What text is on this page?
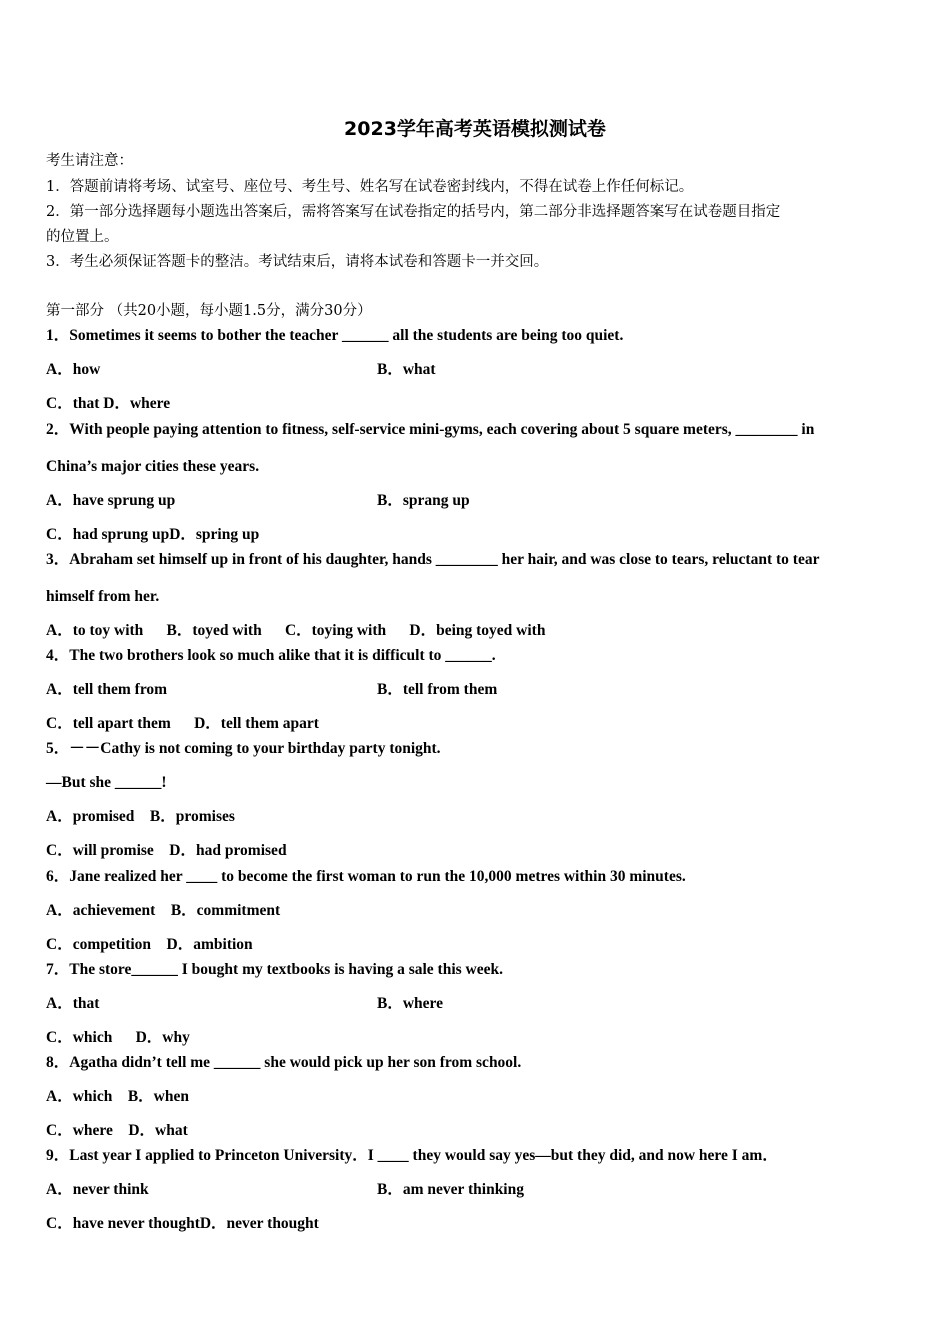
2023学年高考英语模拟测试卷
考生请注意：
1．答题前请将考场、试室号、座位号、考生号、姓名写在试卷密封线内，不得在试卷上作任何标记。
2．第一部分选择题每小题选出答案后，需将答案写在试卷指定的括号内，第二部分非选择题答案写在试卷题目指定
的位置上。
3．考生必须保证答题卡的整洁。考试结束后，请将本试卷和答题卡一并交回。
第一部分 （共20小题，每小题1.5分，满分30分）
1．Sometimes it seems to bother the teacher ______ all the students are being too quiet.
A．how	B．what
C．that D．where
2．With people paying attention to fitness, self-service mini-gyms, each covering about 5 square meters, ________ in
China’s major cities these years.
A．have sprung up	B．sprang up
C．had sprung upD．spring up
3．Abraham set himself up in front of his daughter, hands ________ her hair, and was close to tears, reluctant to tear
himself from her.
A．to toy with      B．toyed with      C．toying with      D．being toyed with
4．The two brothers look so much alike that it is difficult to ______.
A．tell them from	B．tell from them
C．tell apart them      D．tell them apart
5．－－Cathy is not coming to your birthday party tonight.
—But she ______!
A．promised    B．promises
C．will promise    D．had promised
6．Jane realized her ____ to become the first woman to run the 10,000 metres within 30 minutes.
A．achievement    B．commitment
C．competition    D．ambition
7．The store______ I bought my textbooks is having a sale this week.
A．that	B．where
C．which      D．why
8．Agatha didn’t tell me ______ she would pick up her son from school.
A．which    B．when
C．where    D．what
9．Last year I applied to Princeton University．I ____ they would say yes—but they did, and now here I am．
A．never think	B．am never thinking
C．have never thoughtD．never thought
